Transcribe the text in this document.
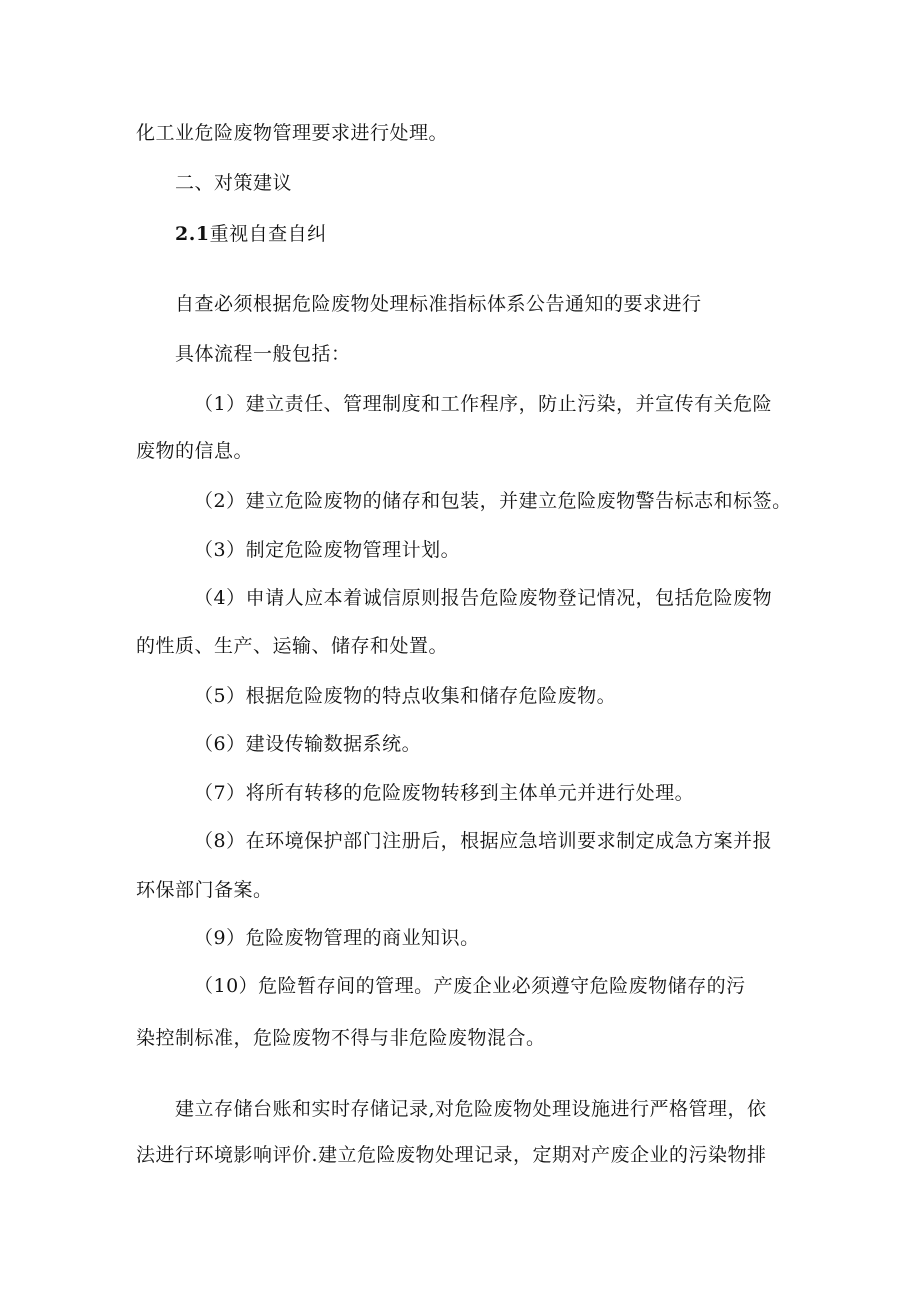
化工业危险废物管理要求进行处理。
二、对策建议
2.1重视自查自纠
自查必须根据危险废物处理标准指标体系公告通知的要求进行
具体流程一般包括：
（1）建立责任、管理制度和工作程序，防止污染，并宣传有关危险
废物的信息。
（2）建立危险废物的储存和包装，并建立危险废物警告标志和标签。
（3）制定危险废物管理计划。
（4）申请人应本着诚信原则报告危险废物登记情况，包括危险废物
的性质、生产、运输、储存和处置。
（5）根据危险废物的特点收集和储存危险废物。
（6）建设传输数据系统。
（7）将所有转移的危险废物转移到主体单元并进行处理。
（8）在环境保护部门注册后，根据应急培训要求制定成急方案并报
环保部门备案。
（9）危险废物管理的商业知识。
（10）危险暂存间的管理。产废企业必须遵守危险废物储存的污
染控制标准，危险废物不得与非危险废物混合。
建立存储台账和实时存储记录,对危险废物处理设施进行严格管理，依
法进行环境影响评价.建立危险废物处理记录，定期对产废企业的污染物排
